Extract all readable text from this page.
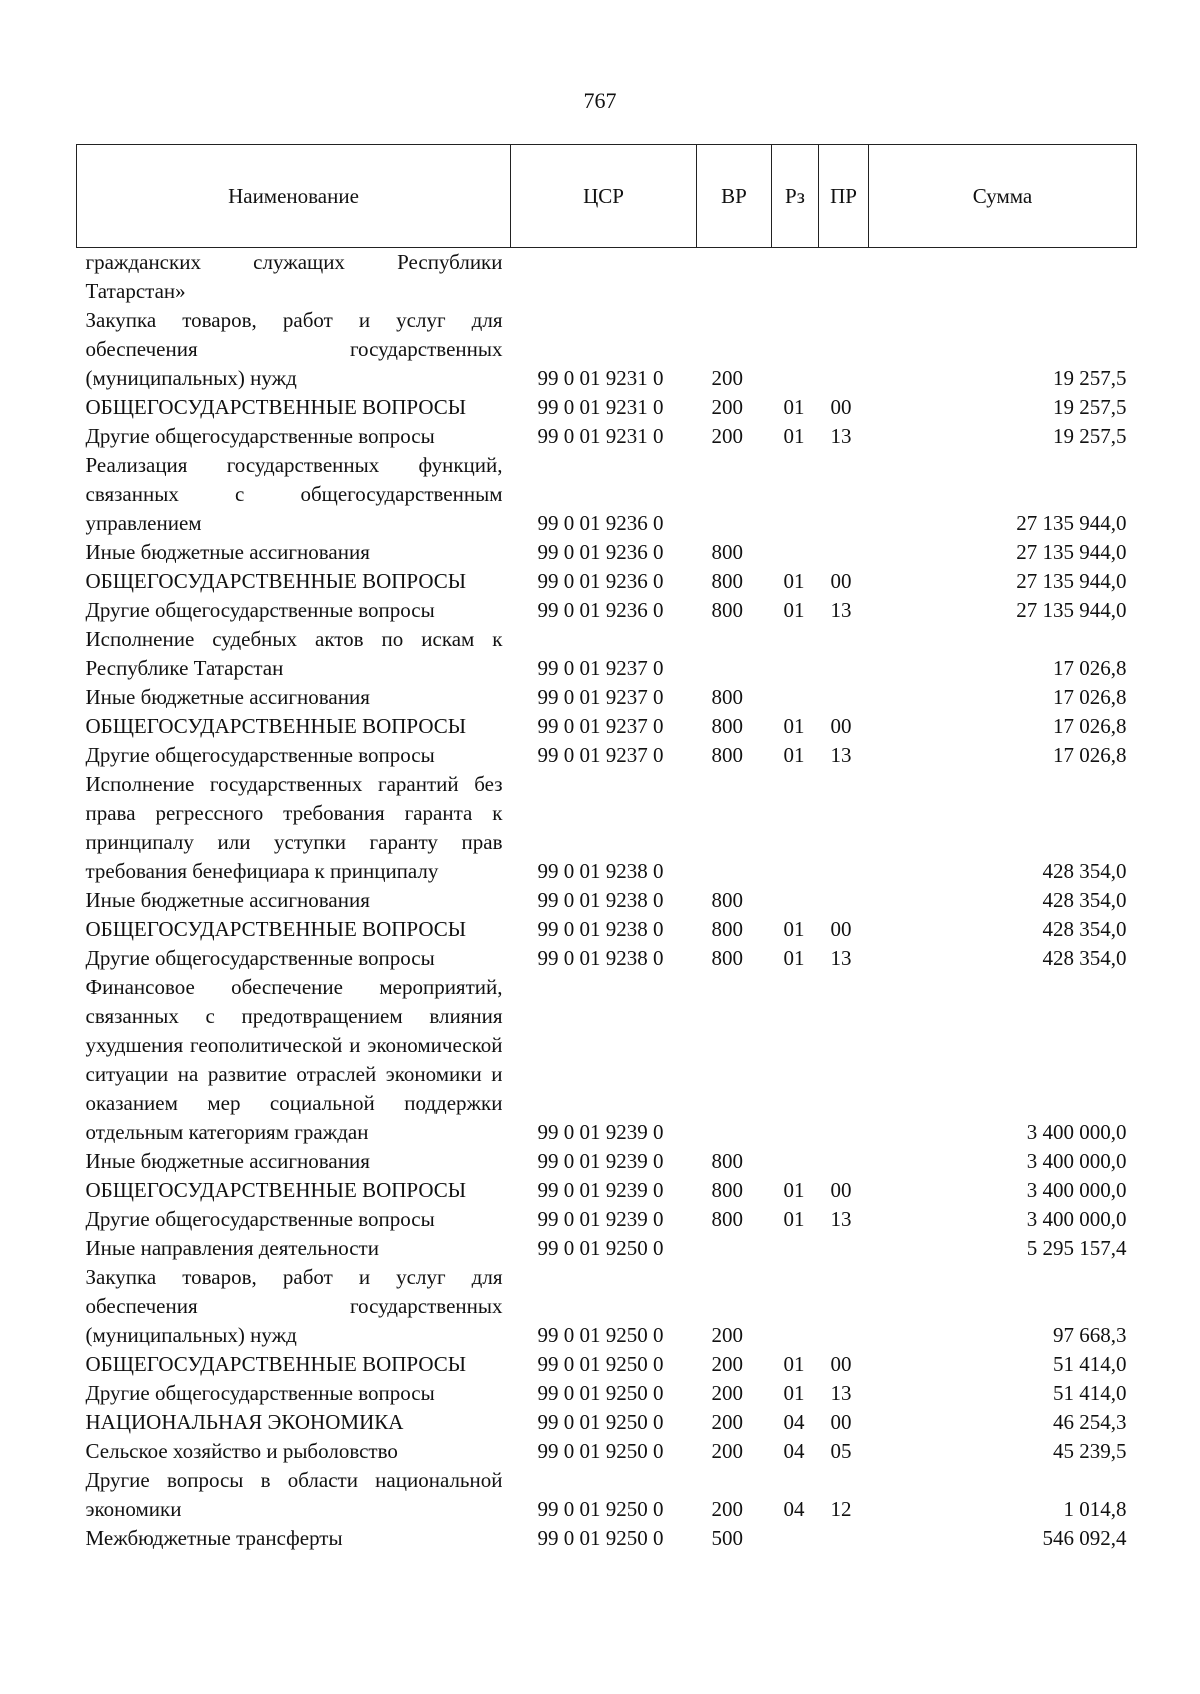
767
Наименование	ЦСР	ВР	Рз	ПР	Сумма

гражданских служащих Республики Татарстан»					

Закупка товаров, работ и услуг для обеспечения государственных (муниципальных) нужд	99 0 01 9231 0	200			19 257,5

ОБЩЕГОСУДАРСТВЕННЫЕ ВОПРОСЫ	99 0 01 9231 0	200	01	00	19 257,5

Другие общегосударственные вопросы	99 0 01 9231 0	200	01	13	19 257,5

Реализация государственных функций, связанных с общегосударственным управлением	99 0 01 9236 0				27 135 944,0

Иные бюджетные ассигнования	99 0 01 9236 0	800			27 135 944,0

ОБЩЕГОСУДАРСТВЕННЫЕ ВОПРОСЫ	99 0 01 9236 0	800	01	00	27 135 944,0

Другие общегосударственные вопросы	99 0 01 9236 0	800	01	13	27 135 944,0

Исполнение судебных актов по искам к Республике Татарстан	99 0 01 9237 0				17 026,8

Иные бюджетные ассигнования	99 0 01 9237 0	800			17 026,8

ОБЩЕГОСУДАРСТВЕННЫЕ ВОПРОСЫ	99 0 01 9237 0	800	01	00	17 026,8

Другие общегосударственные вопросы	99 0 01 9237 0	800	01	13	17 026,8

Исполнение государственных гарантий без права регрессного требования гаранта к принципалу или уступки гаранту прав требования бенефициара к принципалу	99 0 01 9238 0				428 354,0

Иные бюджетные ассигнования	99 0 01 9238 0	800			428 354,0

ОБЩЕГОСУДАРСТВЕННЫЕ ВОПРОСЫ	99 0 01 9238 0	800	01	00	428 354,0

Другие общегосударственные вопросы	99 0 01 9238 0	800	01	13	428 354,0

Финансовое обеспечение мероприятий, связанных с предотвращением влияния ухудшения геополитической и экономической ситуации на развитие отраслей экономики и оказанием мер социальной поддержки отдельным категориям граждан	99 0 01 9239 0				3 400 000,0

Иные бюджетные ассигнования	99 0 01 9239 0	800			3 400 000,0

ОБЩЕГОСУДАРСТВЕННЫЕ ВОПРОСЫ	99 0 01 9239 0	800	01	00	3 400 000,0

Другие общегосударственные вопросы	99 0 01 9239 0	800	01	13	3 400 000,0

Иные направления деятельности	99 0 01 9250 0				5 295 157,4

Закупка товаров, работ и услуг для обеспечения государственных (муниципальных) нужд	99 0 01 9250 0	200			97 668,3

ОБЩЕГОСУДАРСТВЕННЫЕ ВОПРОСЫ	99 0 01 9250 0	200	01	00	51 414,0

Другие общегосударственные вопросы	99 0 01 9250 0	200	01	13	51 414,0

НАЦИОНАЛЬНАЯ ЭКОНОМИКА	99 0 01 9250 0	200	04	00	46 254,3

Сельское хозяйство и рыболовство	99 0 01 9250 0	200	04	05	45 239,5

Другие вопросы в области национальной экономики	99 0 01 9250 0	200	04	12	1 014,8

Межбюджетные трансферты	99 0 01 9250 0	500			546 092,4
